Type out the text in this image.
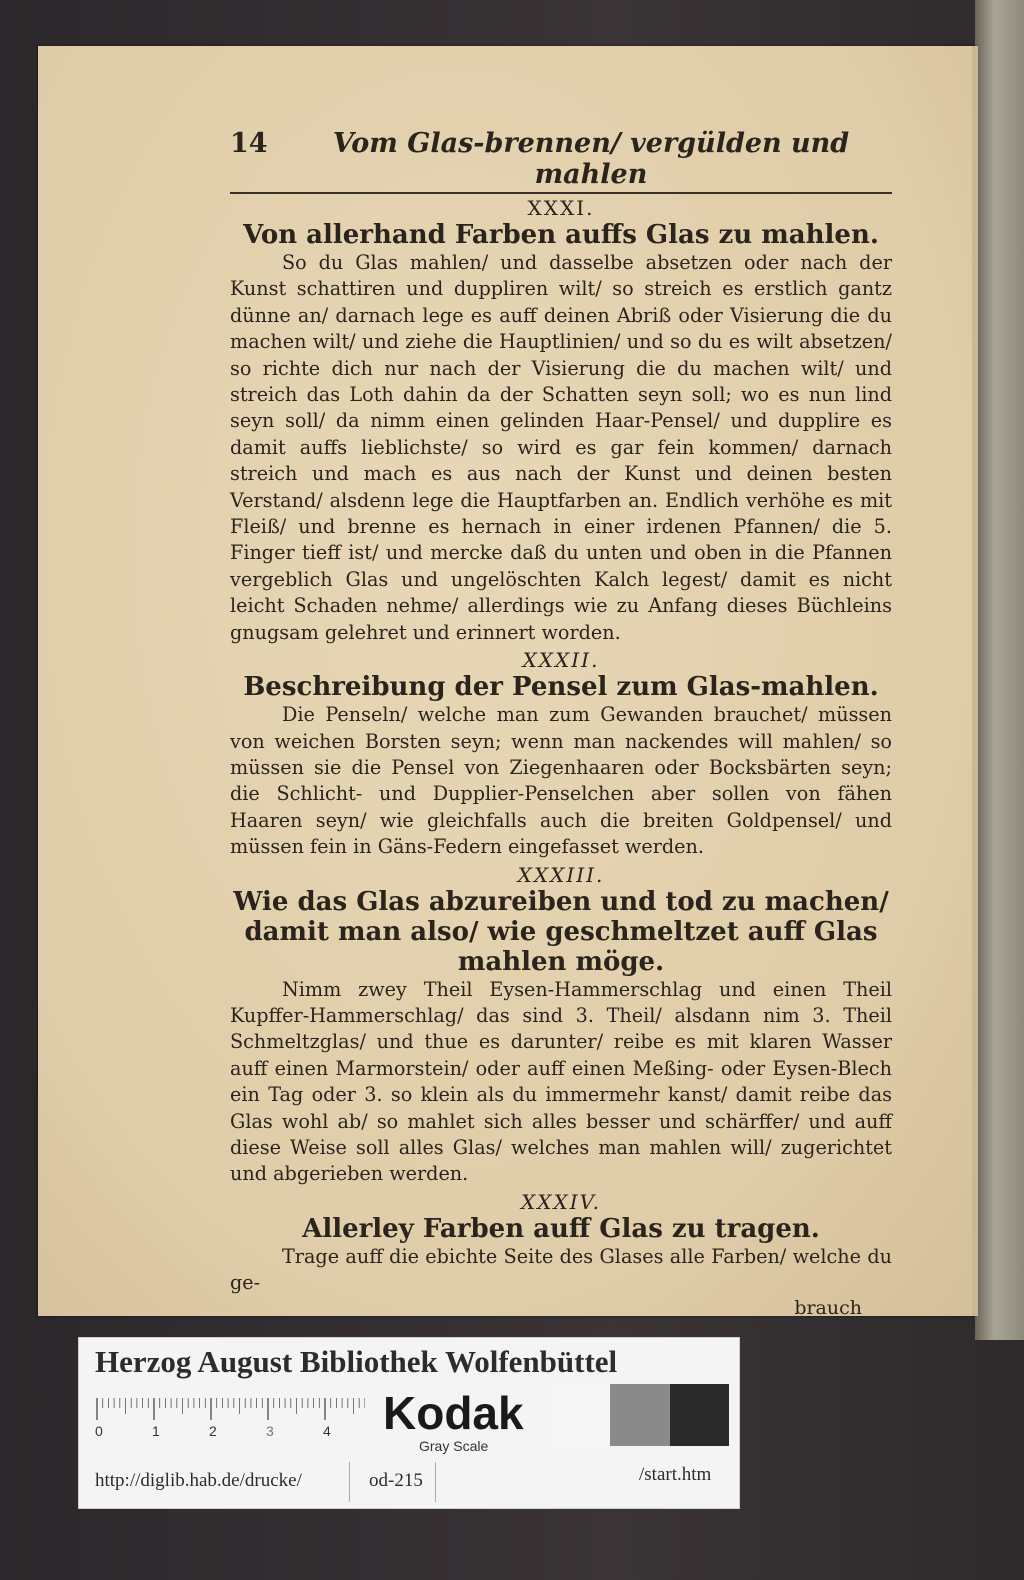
14	Vom Glas-brennen/ vergülden und mahlen
XXXI.
Von allerhand Farben auffs Glas zu mahlen.

So du Glas mahlen/ und dasselbe absetzen oder nach der Kunst schattiren und duppliren wilt/ so streich es erstlich gantz dünne an/ darnach lege es auff deinen Abriß oder Visierung die du machen wilt/ und ziehe die Hauptlinien/ und so du es wilt absetzen/ so richte dich nur nach der Visierung die du machen wilt/ und streich das Loth dahin da der Schatten seyn soll; wo es nun lind seyn soll/ da nimm einen gelinden Haar-Pensel/ und dupplire es damit auffs lieblichste/ so wird es gar fein kommen/ darnach streich und mach es aus nach der Kunst und deinen besten Verstand/ alsdenn lege die Hauptfarben an. Endlich verhöhe es mit Fleiß/ und brenne es hernach in einer irdenen Pfannen/ die 5. Finger tieff ist/ und mercke daß du unten und oben in die Pfannen vergeblich Glas und ungelöschten Kalch legest/ damit es nicht leicht Schaden nehme/ allerdings wie zu Anfang dieses Büchleins gnugsam gelehret und erinnert worden.

XXXII.
Beschreibung der Pensel zum Glas-mahlen.

Die Penseln/ welche man zum Gewanden brauchet/ müssen von weichen Borsten seyn; wenn man nackendes will mahlen/ so müssen sie die Pensel von Ziegenhaaren oder Bocksbärten seyn; die Schlicht- und Dupplier-Penselchen aber sollen von fähen Haaren seyn/ wie gleichfalls auch die breiten Goldpensel/ und müssen fein in Gäns-Federn eingefasset werden.

XXXIII.
Wie das Glas abzureiben und tod zu machen/ damit man also/ wie geschmeltzet auff Glas mahlen möge.

Nimm zwey Theil Eysen-Hammerschlag und einen Theil Kupffer-Hammerschlag/ das sind 3. Theil/ alsdann nim 3. Theil Schmeltzglas/ und thue es darunter/ reibe es mit klaren Wasser auff einen Marmorstein/ oder auff einen Meßing- oder Eysen-Blech ein Tag oder 3. so klein als du immermehr kanst/ damit reibe das Glas wohl ab/ so mahlet sich alles besser und schärffer/ und auff diese Weise soll alles Glas/ welches man mahlen will/ zugerichtet und abgerieben werden.

XXXIV.
Allerley Farben auff Glas zu tragen.

Trage auff die ebichte Seite des Glases alle Farben/ welche du ge-

brauch
Herzog August Bibliothek Wolfenbüttel
0	1	2	3	4 Kodak
Gray Scale
http://diglib.hab.de/drucke/	od-215	/start.htm
